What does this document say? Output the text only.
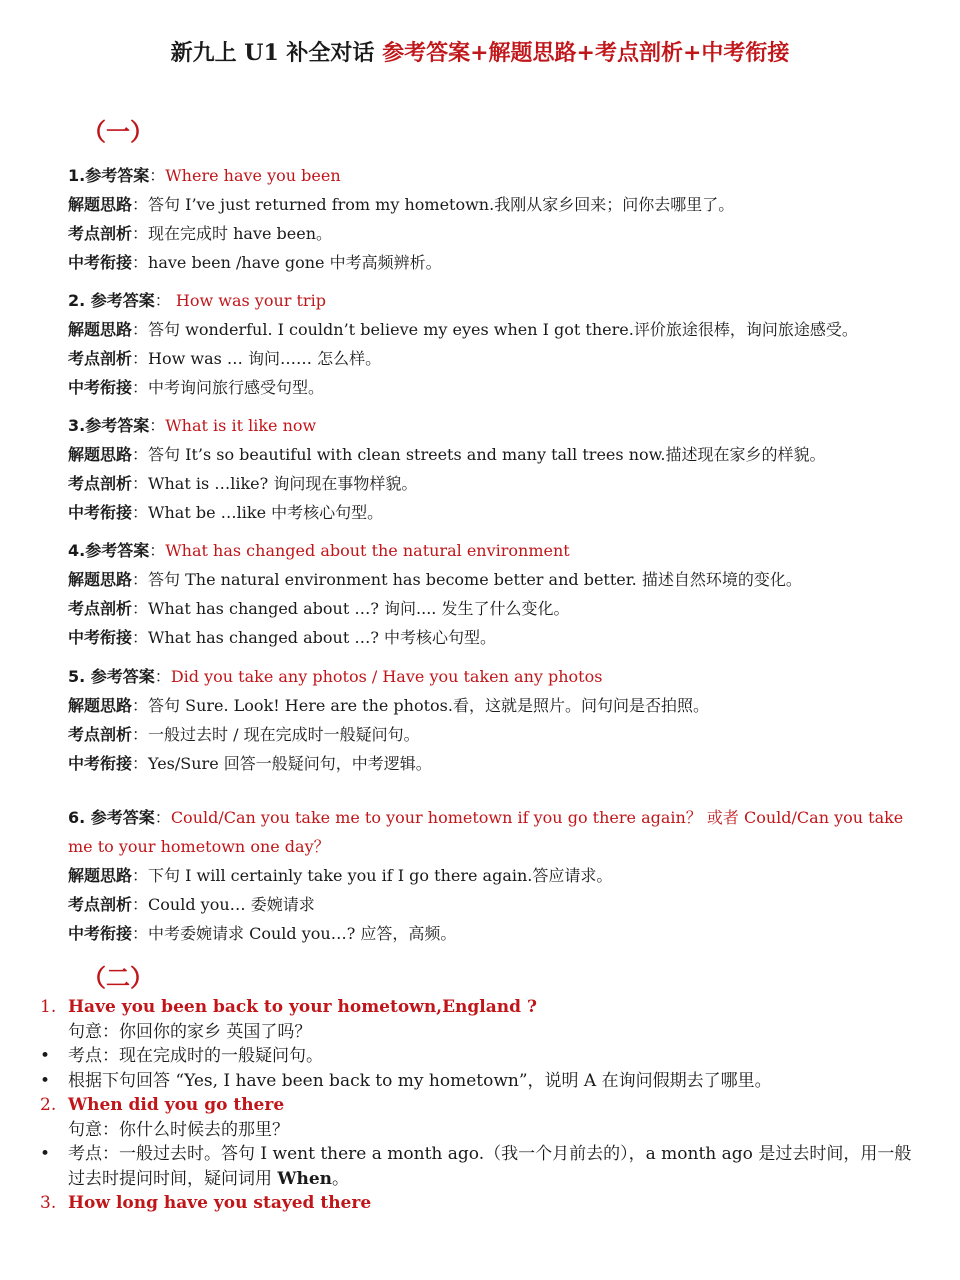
新九上 U1 补全对话 参考答案+解题思路+考点剖析+中考衔接
（一）
1.参考答案：Where have you been
解题思路：答句 I’ve just returned from my hometown.我刚从家乡回来；问你去哪里了。
考点剖析：现在完成时 have been。
中考衔接：have been /have gone 中考高频辨析。
2. 参考答案： How was your trip
解题思路：答句 wonderful. I couldn’t believe my eyes when I got there.评价旅途很棒，询问旅途感受。
考点剖析：How was … 询问…… 怎么样。
中考衔接：中考询问旅行感受句型。
3.参考答案：What is it like now
解题思路：答句 It’s so beautiful with clean streets and many tall trees now.描述现在家乡的样貌。
考点剖析：What is …like? 询问现在事物样貌。
中考衔接：What be …like 中考核心句型。
4.参考答案：What has changed about the natural environment
解题思路：答句 The natural environment has become better and better. 描述自然环境的变化。
考点剖析：What has changed about …? 询问.... 发生了什么变化。
中考衔接：What has changed about …? 中考核心句型。
5. 参考答案：Did you take any photos / Have you taken any photos
解题思路：答句 Sure. Look! Here are the photos.看，这就是照片。问句问是否拍照。
考点剖析：一般过去时 / 现在完成时一般疑问句。
中考衔接：Yes/Sure 回答一般疑问句，中考逻辑。
6. 参考答案：Could/Can you take me to your hometown if you go there again？ 或者 Could/Can you take me to your hometown one day？
解题思路：下句 I will certainly take you if I go there again.答应请求。
考点剖析：Could you… 委婉请求
中考衔接：中考委婉请求 Could you…? 应答，高频。
（二）
1. Have you been back to your hometown,England ?
句意：你回你的家乡 英国了吗？
• 考点：现在完成时的一般疑问句。
• 根据下句回答 “Yes, I have been back to my hometown”，说明 A 在询问假期去了哪里。
2. When did you go there
句意：你什么时候去的那里？
• 考点：一般过去时。答句 I went there a month ago.（我一个月前去的），a month ago 是过去时间，用一般过去时提问时间，疑问词用 When。
3. How long have you stayed there
